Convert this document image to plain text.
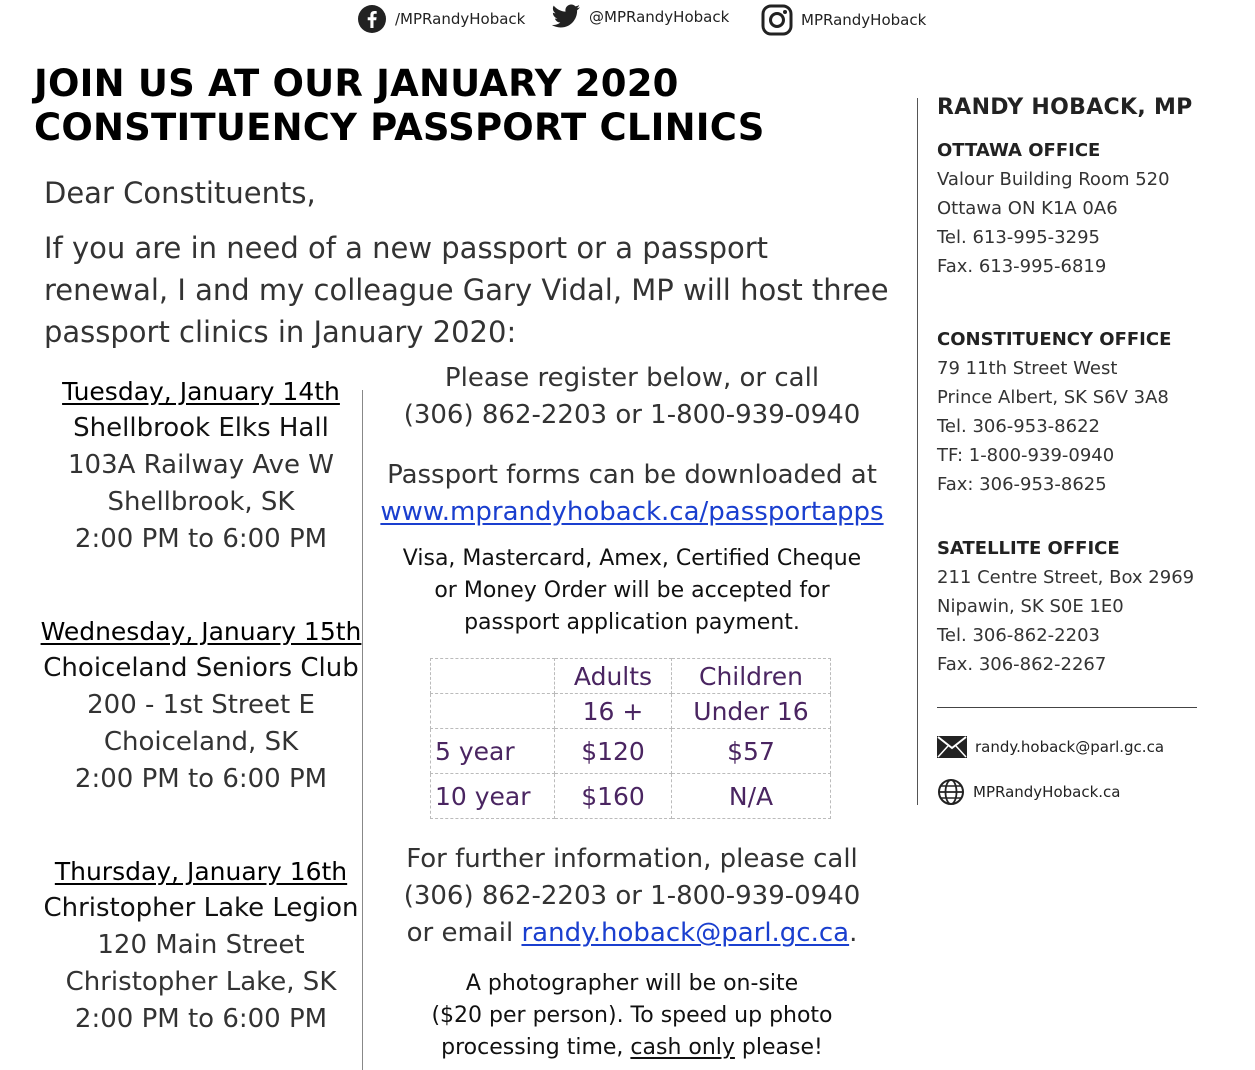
/MPRandyHoback	@MPRandyHoback	MPRandyHoback
JOIN US AT OUR JANUARY 2020
CONSTITUENCY PASSPORT CLINICS
Dear Constituents,
If you are in need of a new passport or a passport renewal, I and my colleague Gary Vidal, MP will host three passport clinics in January 2020:
Tuesday, January 14th
Shellbrook Elks Hall
103A Railway Ave W
Shellbrook, SK
2:00 PM to 6:00 PM
Wednesday, January 15th
Choiceland Seniors Club
200 - 1st Street E
Choiceland, SK
2:00 PM to 6:00 PM
Thursday, January 16th
Christopher Lake Legion
120 Main Street
Christopher Lake, SK
2:00 PM to 6:00 PM
Please register below, or call
(306) 862-2203 or 1-800-939-0940
Passport forms can be downloaded at
www.mprandyhoback.ca/passportapps
Visa, Mastercard, Amex, Certified Cheque
or Money Order will be accepted for
passport application payment.
	Adults	Children
	16 +	Under 16
5 year	$120	$57
10 year	$160	N/A
For further information, please call
(306) 862-2203 or 1-800-939-0940
or email randy.hoback@parl.gc.ca.
A photographer will be on-site
($20 per person). To speed up photo
processing time, cash only please!
RANDY HOBACK, MP
OTTAWA OFFICE
Valour Building Room 520
Ottawa ON K1A 0A6
Tel. 613-995-3295
Fax. 613-995-6819
CONSTITUENCY OFFICE
79 11th Street West
Prince Albert, SK S6V 3A8
Tel. 306-953-8622
TF: 1-800-939-0940
Fax: 306-953-8625
SATELLITE OFFICE
211 Centre Street, Box 2969
Nipawin, SK S0E 1E0
Tel. 306-862-2203
Fax. 306-862-2267
randy.hoback@parl.gc.ca
MPRandyHoback.ca
